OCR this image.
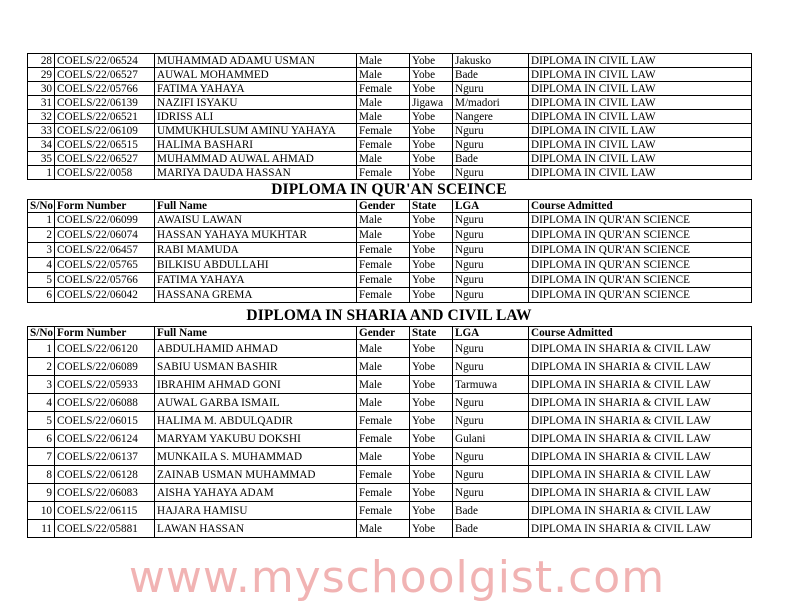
28	COELS/22/06524	MUHAMMAD ADAMU USMAN	Male	Yobe	Jakusko	DIPLOMA IN CIVIL LAW
29	COELS/22/06527	AUWAL MOHAMMED	Male	Yobe	Bade	DIPLOMA IN CIVIL LAW
30	COELS/22/05766	FATIMA YAHAYA	Female	Yobe	Nguru	DIPLOMA IN CIVIL LAW
31	COELS/22/06139	NAZIFI ISYAKU	Male	Jigawa	M/madori	DIPLOMA IN CIVIL LAW
32	COELS/22/06521	IDRISS ALI	Male	Yobe	Nangere	DIPLOMA IN CIVIL LAW
33	COELS/22/06109	UMMUKHULSUM AMINU YAHAYA	Female	Yobe	Nguru	DIPLOMA IN CIVIL LAW
34	COELS/22/06515	HALIMA BASHARI	Female	Yobe	Nguru	DIPLOMA IN CIVIL LAW
35	COELS/22/06527	MUHAMMAD AUWAL AHMAD	Male	Yobe	Bade	DIPLOMA IN CIVIL LAW
1	COELS/22/0058	MARIYA DAUDA HASSAN	Female	Yobe	Nguru	DIPLOMA IN CIVIL LAW
DIPLOMA IN QUR'AN SCEINCE
S/No	Form Number	Full Name	Gender	State	LGA	Course Admitted
1	COELS/22/06099	AWAISU LAWAN	Male	Yobe	Nguru	DIPLOMA IN QUR'AN SCIENCE
2	COELS/22/06074	HASSAN YAHAYA MUKHTAR	Male	Yobe	Nguru	DIPLOMA IN QUR'AN SCIENCE
3	COELS/22/06457	RABI MAMUDA	Female	Yobe	Nguru	DIPLOMA IN QUR'AN SCIENCE
4	COELS/22/05765	BILKISU ABDULLAHI	Female	Yobe	Nguru	DIPLOMA IN QUR'AN SCIENCE
5	COELS/22/05766	FATIMA YAHAYA	Female	Yobe	Nguru	DIPLOMA IN QUR'AN SCIENCE
6	COELS/22/06042	HASSANA GREMA	Female	Yobe	Nguru	DIPLOMA IN QUR'AN SCIENCE
DIPLOMA IN SHARIA AND CIVIL LAW
S/No	Form Number	Full Name	Gender	State	LGA	Course Admitted
1	COELS/22/06120	ABDULHAMID AHMAD	Male	Yobe	Nguru	DIPLOMA IN SHARIA & CIVIL LAW
2	COELS/22/06089	SABIU USMAN BASHIR	Male	Yobe	Nguru	DIPLOMA IN SHARIA & CIVIL LAW
3	COELS/22/05933	IBRAHIM AHMAD GONI	Male	Yobe	Tarmuwa	DIPLOMA IN SHARIA & CIVIL LAW
4	COELS/22/06088	AUWAL GARBA ISMAIL	Male	Yobe	Nguru	DIPLOMA IN SHARIA & CIVIL LAW
5	COELS/22/06015	HALIMA M. ABDULQADIR	Female	Yobe	Nguru	DIPLOMA IN SHARIA & CIVIL LAW
6	COELS/22/06124	MARYAM YAKUBU DOKSHI	Female	Yobe	Gulani	DIPLOMA IN SHARIA & CIVIL LAW
7	COELS/22/06137	MUNKAILA S. MUHAMMAD	Male	Yobe	Nguru	DIPLOMA IN SHARIA & CIVIL LAW
8	COELS/22/06128	ZAINAB USMAN MUHAMMAD	Female	Yobe	Nguru	DIPLOMA IN SHARIA & CIVIL LAW
9	COELS/22/06083	AISHA YAHAYA ADAM	Female	Yobe	Nguru	DIPLOMA IN SHARIA & CIVIL LAW
10	COELS/22/06115	HAJARA HAMISU	Female	Yobe	Bade	DIPLOMA IN SHARIA & CIVIL LAW
11	COELS/22/05881	LAWAN HASSAN	Male	Yobe	Bade	DIPLOMA IN SHARIA & CIVIL LAW
www.myschoolgist.com
